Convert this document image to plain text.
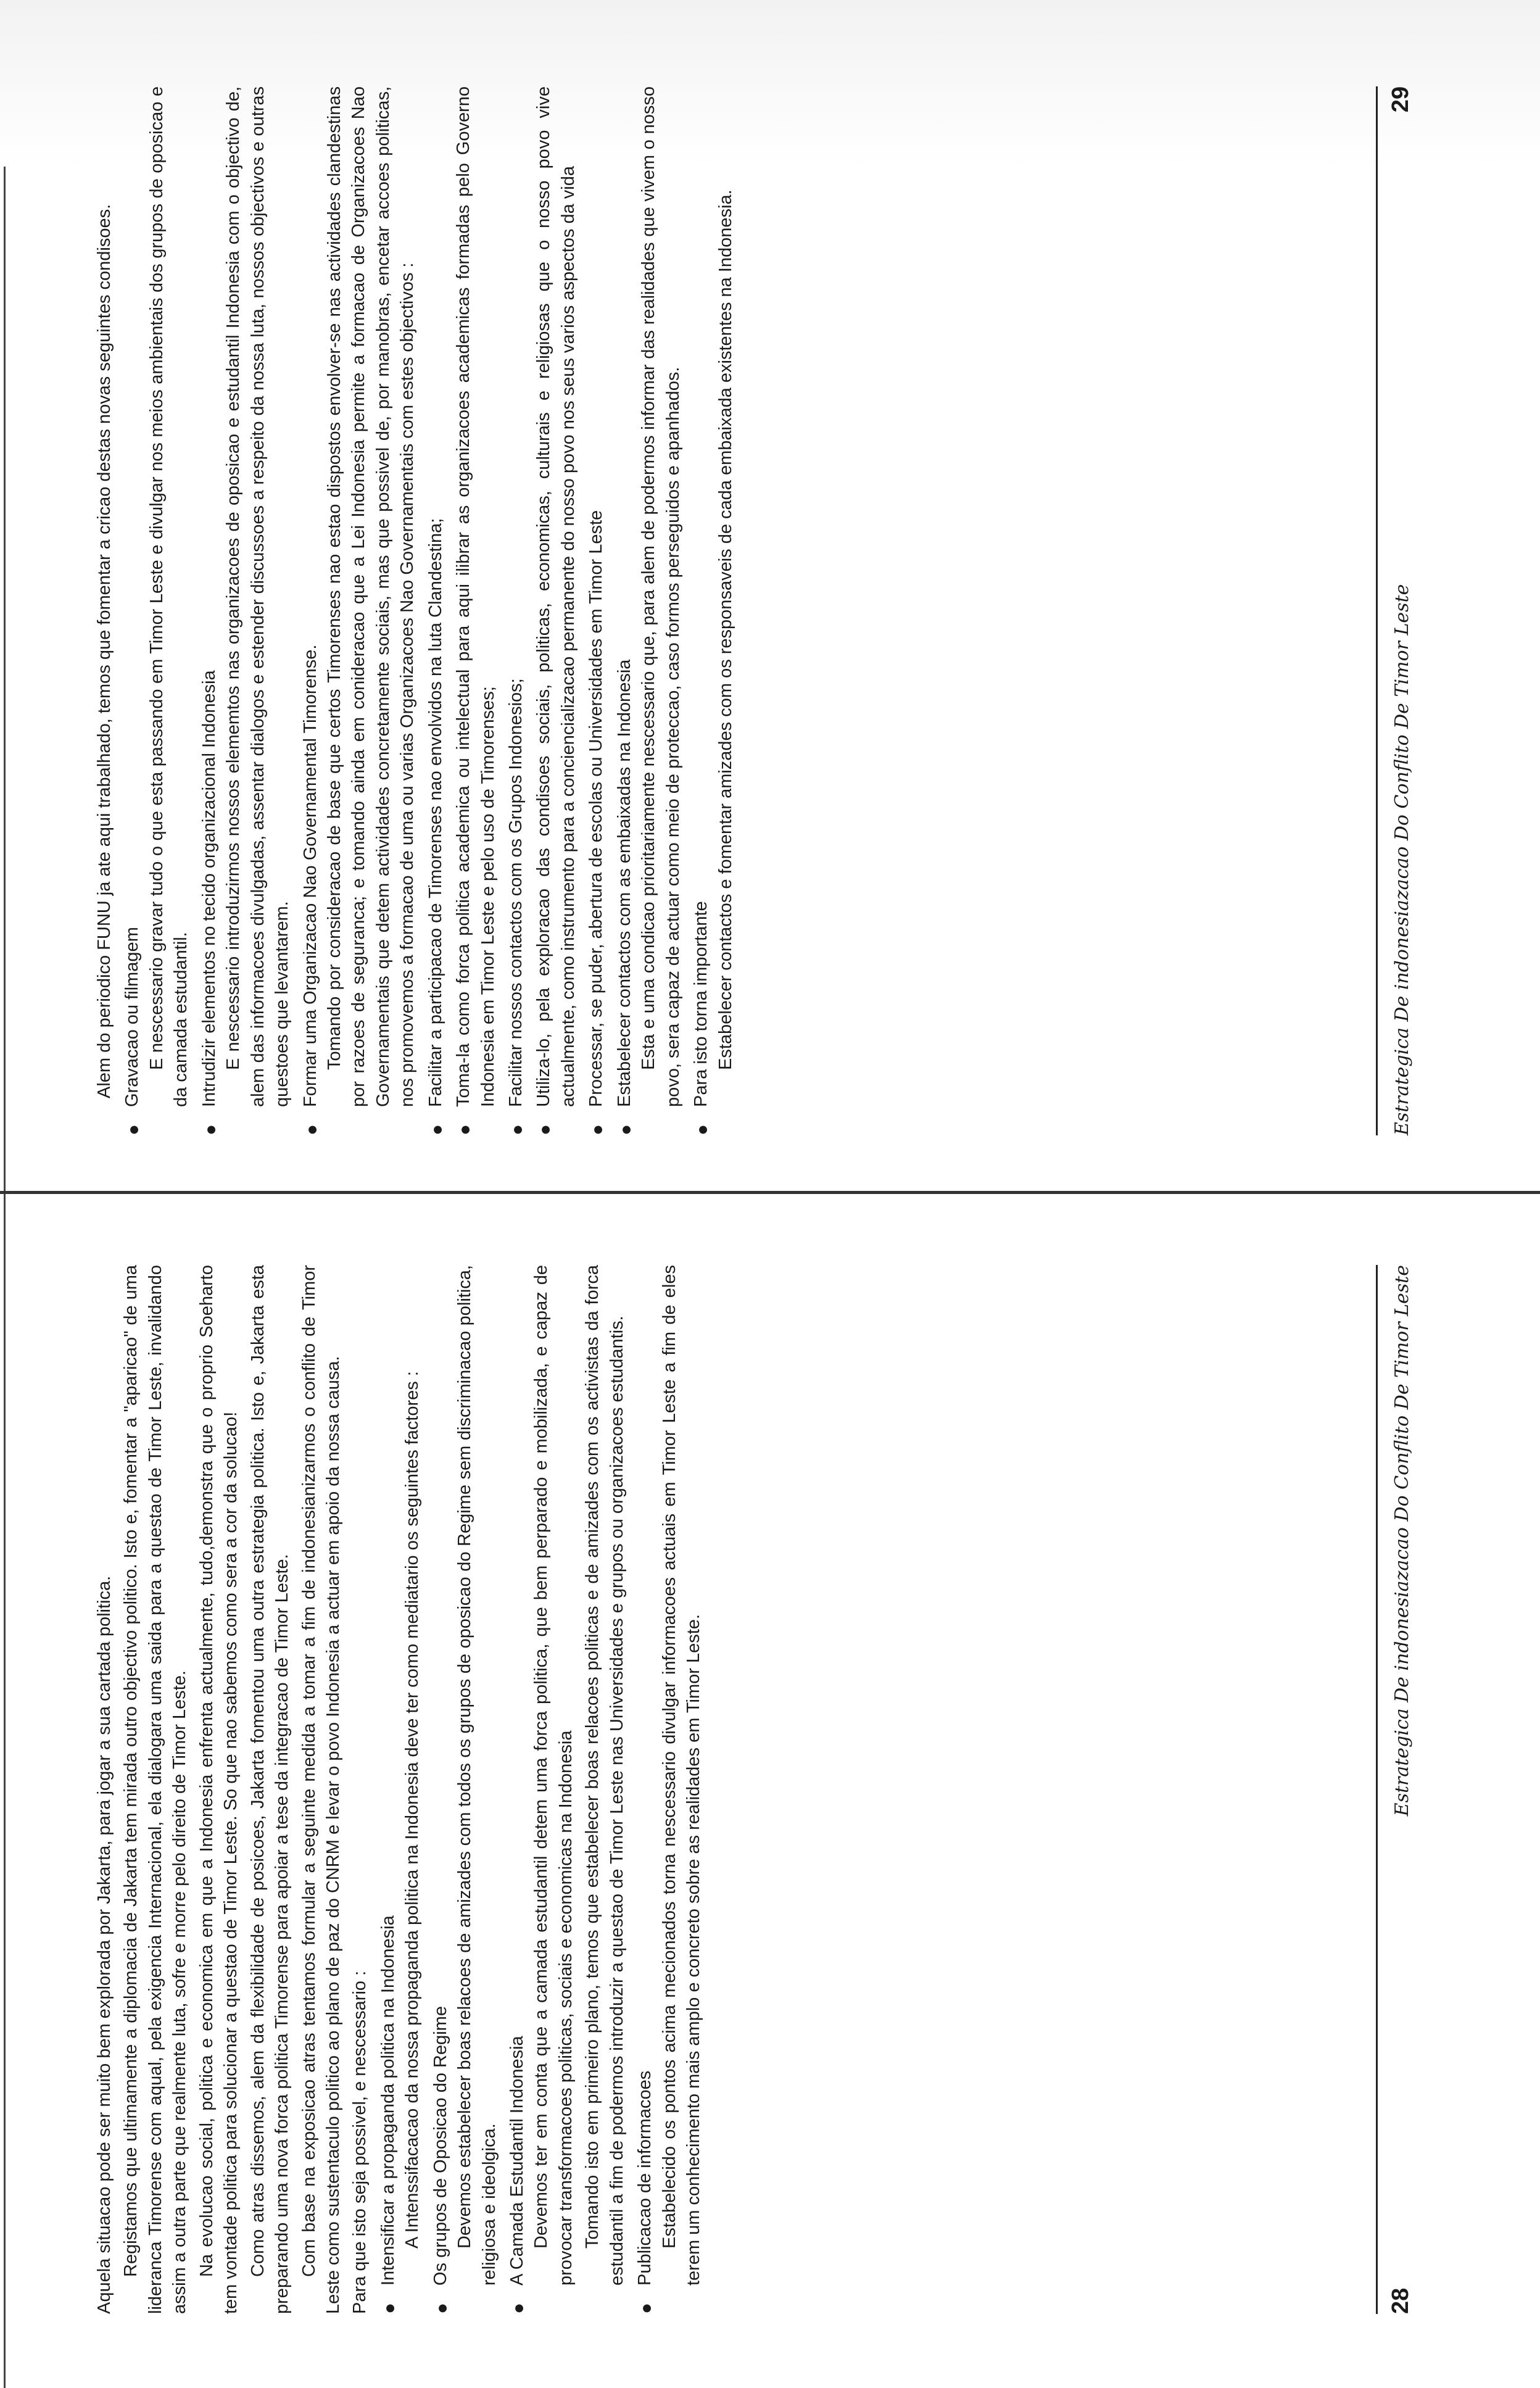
Aquela situacao pode ser muito bem explorada por Jakarta, para jogar a sua cartada politica. Registamos que ultimamente a diplomacia de Jakarta tem mirada outro objectivo politico. Isto e, fomentar a "aparicao" de uma lideranca Timorense com aqual, pela exigencia Internacional, ela dialogara uma saida para a questao de Timor Leste, invalidando assim a outra parte que realmente luta, sofre e morre pelo direito de Timor Leste. Na evolucao social, politica e economica em que a Indonesia enfrenta actualmente, tudo,demonstra que o proprio Soeharto tem vontade politica para solucionar a questao de Timor Leste. So que nao sabemos como sera a cor da solucao! Como atras dissemos, alem da flexibilidade de posicoes, Jakarta fomentou uma outra estrategia politica. Isto e, Jakarta esta preparando uma nova forca politica Timorense para apoiar a tese da integracao de Timor Leste. Com base na exposicao atras tentamos formular a seguinte medida a tomar a fim de indonesianizarmos o conflito de Timor Leste como sustentaculo politico ao plano de paz do CNRM e levar o povo Indonesia a actuar em apoio da nossa causa. Para que isto seja possivel, e nescessario : ●
Intensificar a propaganda politica na Indonesia A Intenssifacacao da nossa propaganda politica na Indonesia deve ter como mediatario os seguintes factores :

●
Os grupos de Oposicao do Regime Devemos estabelecer boas relacoes de amizades com todos os grupos de oposicao do Regime sem discriminacao politica, religiosa e ideolgica.

●
A Camada Estudantil Indonesia Devemos ter em conta que a camada estudantil detem uma forca politica, que bem perparado e mobilizada, e capaz de provocar transformacoes politicas, sociais e economicas na Indonesia Tomando isto em primeiro plano, temos que estabelecer boas relacoes politicas e de amizades com os activistas da forca estudantil a fim de podermos introduzir a questao de Timor Leste nas Universidades e grupos ou organizacoes estudantis.

●
Publicacao de informacoes Estabelecido os pontos acima mecionados torna nescessario divulgar informacoes actuais em Timor Leste a fim de eles terem um conhecimento mais amplo e concreto sobre as realidades em Timor Leste.

28
Estrategica De indonesiazacao Do Conflito De Timor Leste

Alem do periodico FUNU ja ate aqui trabalhado, temos que fomentar a cricao destas novas seguintes condisoes.

●
Gravacao ou filmagem E nescessario gravar tudo o que esta passando em Timor Leste e divulgar nos meios ambientais dos grupos de oposicao e da camada estudantil.

●
Intrudizir elementos no tecido organizacional Indonesia E nescessario introduzirmos nossos elememtos nas organizacoes de oposicao e estudantil Indonesia com o objectivo de, alem das informacoes divulgadas, assentar dialogos e estender discussoes a respeito da nossa luta, nossos objectivos e outras questoes que levantarem.

●
Formar uma Organizacao Nao Governamental Timorense. Tomando por consideracao de base que certos Timorenses nao estao dispostos envolver-se nas actividades clandestinas por razoes de seguranca; e tomando ainda em conideracao que a Lei Indonesia permite a formacao de Organizacoes Nao Governamentais que detem actividades concretamente sociais, mas que possivel de, por manobras, encetar accoes politicas, nos promovemos a formacao de uma ou varias Organizacoes Nao Governamentais com estes objectivos :

●
Facilitar a participacao de Timorenses nao envolvidos na luta Clandestina;
●
Toma-la como forca politica academica ou intelectual para aqui ilibrar as organizacoes academicas formadas pelo Governo Indonesia em Timor Leste e pelo uso de Timorenses;
●
Facilitar nossos contactos com os Grupos Indonesios;
●
Utiliza-lo, pela exploracao das condisoes sociais, politicas, economicas, culturais e religiosas que o nosso povo vive actualmente, como instrumento para a conciencializacao permanente do nosso povo nos seus varios aspectos da vida
●
Processar, se puder, abertura de escolas ou Universidades em Timor Leste
●
Estabelecer contactos com as embaixadas na Indonesia Esta e uma condicao prioritariamente nescessario que, para alem de podermos informar das realidades que vivem o nosso povo, sera capaz de actuar como meio de proteccao, caso formos perseguidos e apanhados.

●
Para isto torna importante Estabelecer contactos e fomentar amizades com os responsaveis de cada embaixada existentes na Indonesia.	Estrategica De indonesiazacao Do Conflito De Timor Leste
29
